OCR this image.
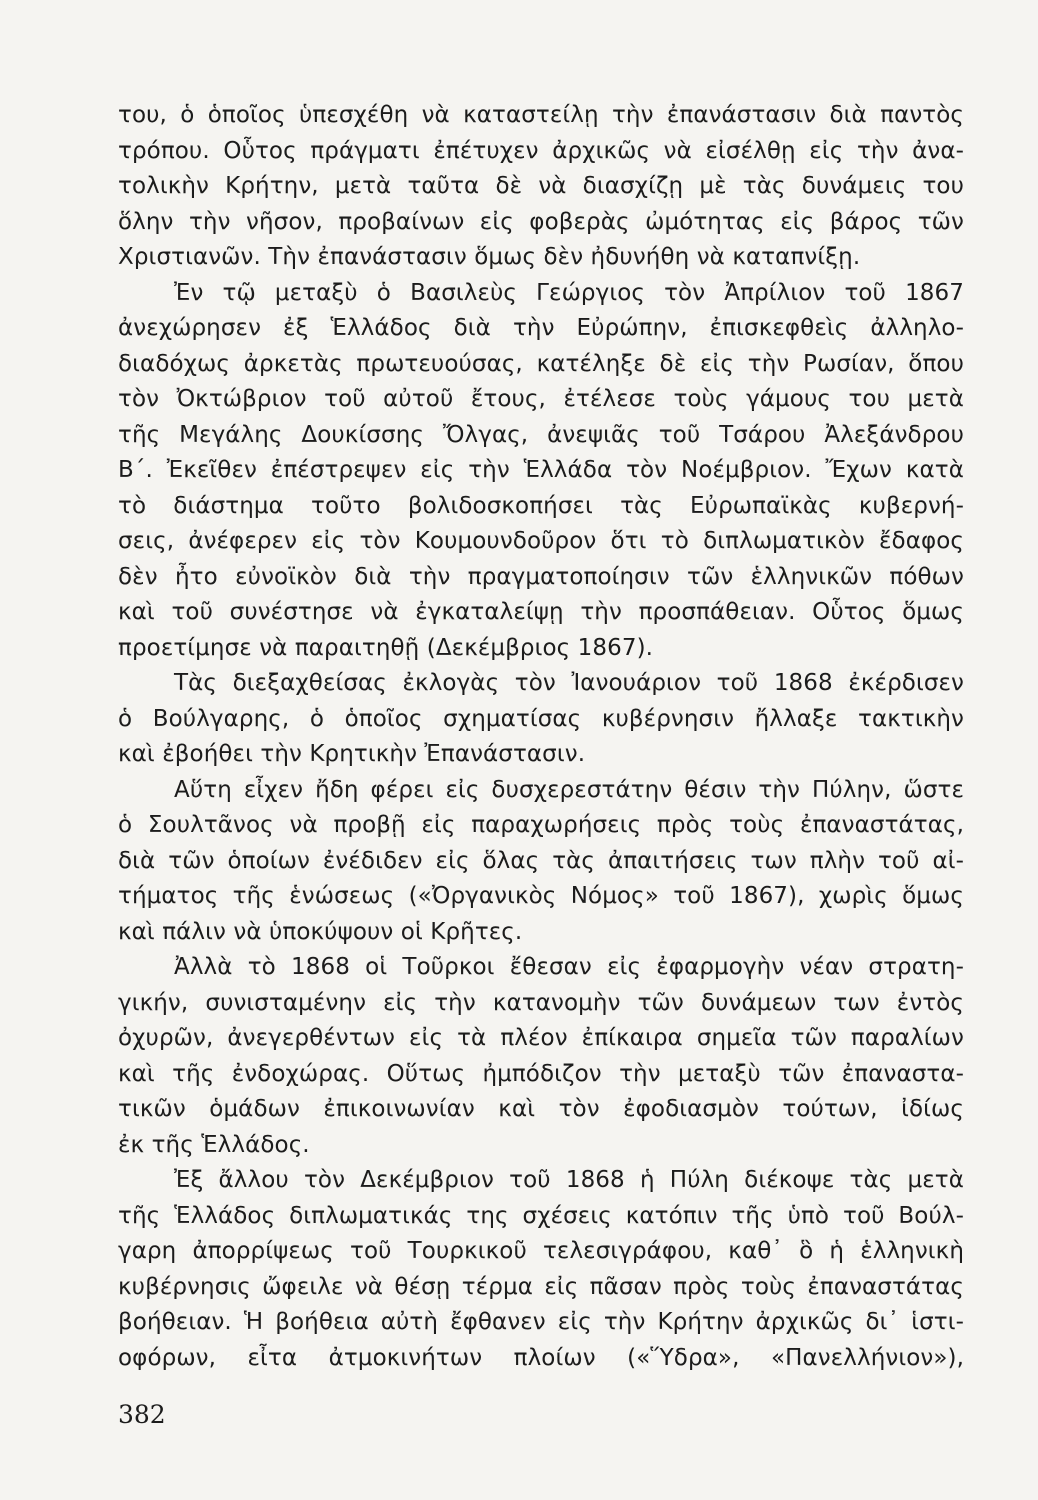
του, ὁ ὁποῖος ὑπεσχέθη νὰ καταστείλῃ τὴν ἐπανάστασιν διὰ παντὸς
τρόπου. Οὗτος πράγματι ἐπέτυχεν ἀρχικῶς νὰ εἰσέλθῃ εἰς τὴν ἀνα-
τολικὴν Κρήτην, μετὰ ταῦτα δὲ νὰ διασχίζῃ μὲ τὰς δυνάμεις του
ὅλην τὴν νῆσον, προβαίνων εἰς φοβερὰς ὠμότητας εἰς βάρος τῶν
Χριστιανῶν. Τὴν ἐπανάστασιν ὅμως δὲν ἠδυνήθη νὰ καταπνίξῃ.
Ἐν τῷ μεταξὺ ὁ Βασιλεὺς Γεώργιος τὸν Ἀπρίλιον τοῦ 1867
ἀνεχώρησεν ἐξ Ἑλλάδος διὰ τὴν Εὐρώπην, ἐπισκεφθεὶς ἀλληλο-
διαδόχως ἀρκετὰς πρωτευούσας, κατέληξε δὲ εἰς τὴν Ρωσίαν, ὅπου
τὸν Ὀκτώβριον τοῦ αὐτοῦ ἔτους, ἐτέλεσε τοὺς γάμους του μετὰ
τῆς Μεγάλης Δουκίσσης Ὄλγας, ἀνεψιᾶς τοῦ Τσάρου Ἀλεξάνδρου
Β΄. Ἐκεῖθεν ἐπέστρεψεν εἰς τὴν Ἑλλάδα τὸν Νοέμβριον. Ἔχων κατὰ
τὸ διάστημα τοῦτο βολιδοσκοπήσει τὰς Εὐρωπαϊκὰς κυβερνή-
σεις, ἀνέφερεν εἰς τὸν Κουμουνδοῦρον ὅτι τὸ διπλωματικὸν ἔδαφος
δὲν ἦτο εὐνοϊκὸν διὰ τὴν πραγματοποίησιν τῶν ἑλληνικῶν πόθων
καὶ τοῦ συνέστησε νὰ ἐγκαταλείψῃ τὴν προσπάθειαν. Οὗτος ὅμως
προετίμησε νὰ παραιτηθῇ (Δεκέμβριος 1867).
Τὰς διεξαχθείσας ἐκλογὰς τὸν Ἰανουάριον τοῦ 1868 ἐκέρδισεν
ὁ Βούλγαρης, ὁ ὁποῖος σχηματίσας κυβέρνησιν ἤλλαξε τακτικὴν
καὶ ἐβοήθει τὴν Κρητικὴν Ἐπανάστασιν.
Αὕτη εἶχεν ἤδη φέρει εἰς δυσχερεστάτην θέσιν τὴν Πύλην, ὥστε
ὁ Σουλτᾶνος νὰ προβῇ εἰς παραχωρήσεις πρὸς τοὺς ἐπαναστάτας,
διὰ τῶν ὁποίων ἐνέδιδεν εἰς ὅλας τὰς ἀπαιτήσεις των πλὴν τοῦ αἰ-
τήματος τῆς ἑνώσεως («Ὀργανικὸς Νόμος» τοῦ 1867), χωρὶς ὅμως
καὶ πάλιν νὰ ὑποκύψουν οἱ Κρῆτες.
Ἀλλὰ τὸ 1868 οἱ Τοῦρκοι ἔθεσαν εἰς ἐφαρμογὴν νέαν στρατη-
γικήν, συνισταμένην εἰς τὴν κατανομὴν τῶν δυνάμεων των ἐντὸς
ὀχυρῶν, ἀνεγερθέντων εἰς τὰ πλέον ἐπίκαιρα σημεῖα τῶν παραλίων
καὶ τῆς ἐνδοχώρας. Οὕτως ἠμπόδιζον τὴν μεταξὺ τῶν ἐπαναστα-
τικῶν ὁμάδων ἐπικοινωνίαν καὶ τὸν ἐφοδιασμὸν τούτων, ἰδίως
ἐκ τῆς Ἑλλάδος.
Ἐξ ἄλλου τὸν Δεκέμβριον τοῦ 1868 ἡ Πύλη διέκοψε τὰς μετὰ
τῆς Ἑλλάδος διπλωματικάς της σχέσεις κατόπιν τῆς ὑπὸ τοῦ Βούλ-
γαρη ἀπορρίψεως τοῦ Τουρκικοῦ τελεσιγράφου, καθ᾽ ὃ ἡ ἑλληνικὴ
κυβέρνησις ὤφειλε νὰ θέσῃ τέρμα εἰς πᾶσαν πρὸς τοὺς ἐπαναστάτας
βοήθειαν. Ἡ βοήθεια αὐτὴ ἔφθανεν εἰς τὴν Κρήτην ἀρχικῶς δι᾽ ἱστι-
οφόρων, εἶτα ἀτμοκινήτων πλοίων («Ὕδρα», «Πανελλήνιον»),
382
